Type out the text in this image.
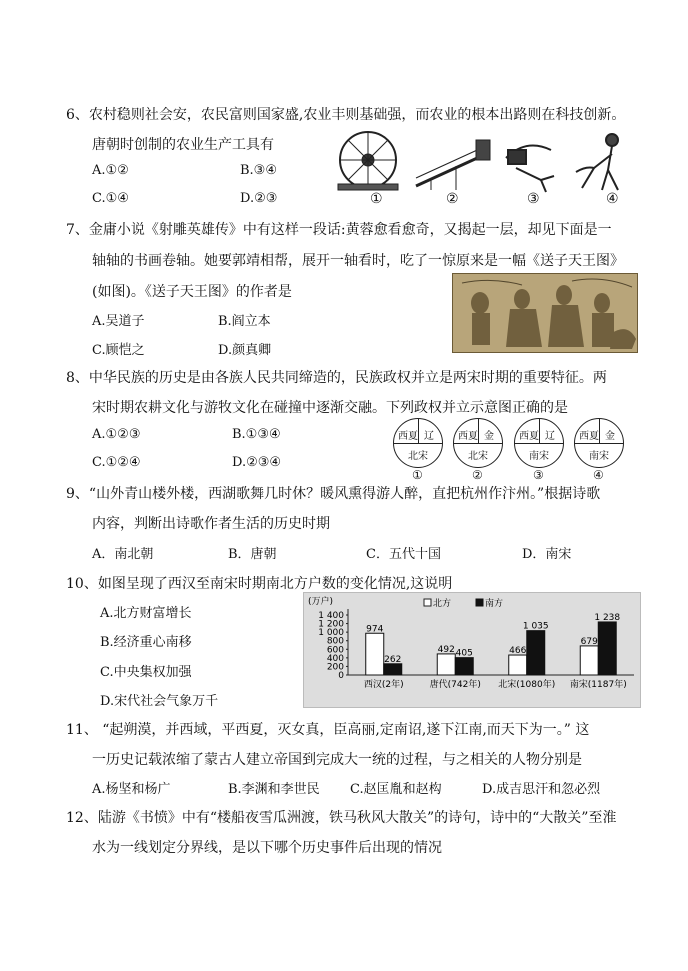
6、农村稳则社会安，农民富则国家盛,农业丰则基础强，而农业的根本出路则在科技创新。
唐朝时创制的农业生产工具有
A.①②	B.③④
C.①④	D.②③	①	②	③	④
7、金庸小说《射雕英雄传》中有这样一段话:黄蓉愈看愈奇，又揭起一层，却见下面是一
轴轴的书画卷轴。她要郭靖相帮，展开一轴看时，吃了一惊原来是一幅《送子天王图》
(如图)。《送子天王图》的作者是
A.吴道子	B.阎立本
C.顾恺之	D.颜真卿
8、中华民族的历史是由各族人民共同缔造的，民族政权并立是两宋时期的重要特征。两
宋时期农耕文化与游牧文化在碰撞中逐渐交融。下列政权并立示意图正确的是
A.①②③	B.①③④
C.①②④	D.②③④
西夏 辽
北宋
西夏 金
北宋
西夏 辽
南宋
西夏 金
南宋
①	②	③	④
9、“山外青山楼外楼，西湖歌舞几时休？暖风熏得游人醉，直把杭州作汴州。”根据诗歌
内容，判断出诗歌作者生活的历史时期
A．南北朝	B．唐朝	C．五代十国	D．南宋
10、如图呈现了西汉至南宋时期南北方户数的变化情况,这说明
A.北方财富增长
B.经济重心南移
C.中央集权加强
D.宋代社会气象万千
(万户)
1 400
1 200
1 000
800
600
400
200
0
北方	南方
974
262
西汉(2年)
492 405
唐代(742年)
466
1 035
北宋(1080年)
679
1 238
南宋(1187年)
11、 “起朔漠，并西域，平西夏，灭女真，臣高丽,定南诏,遂下江南,而天下为一。” 这
一历史记载浓缩了蒙古人建立帝国到完成大一统的过程，与之相关的人物分别是
A.杨坚和杨广	B.李渊和李世民 C.赵匡胤和赵构	D.成吉思汗和忽必烈
12、陆游《书愤》中有“楼船夜雪瓜洲渡，铁马秋风大散关”的诗句，诗中的“大散关”至淮
水为一线划定分界线，是以下哪个历史事件后出现的情况
